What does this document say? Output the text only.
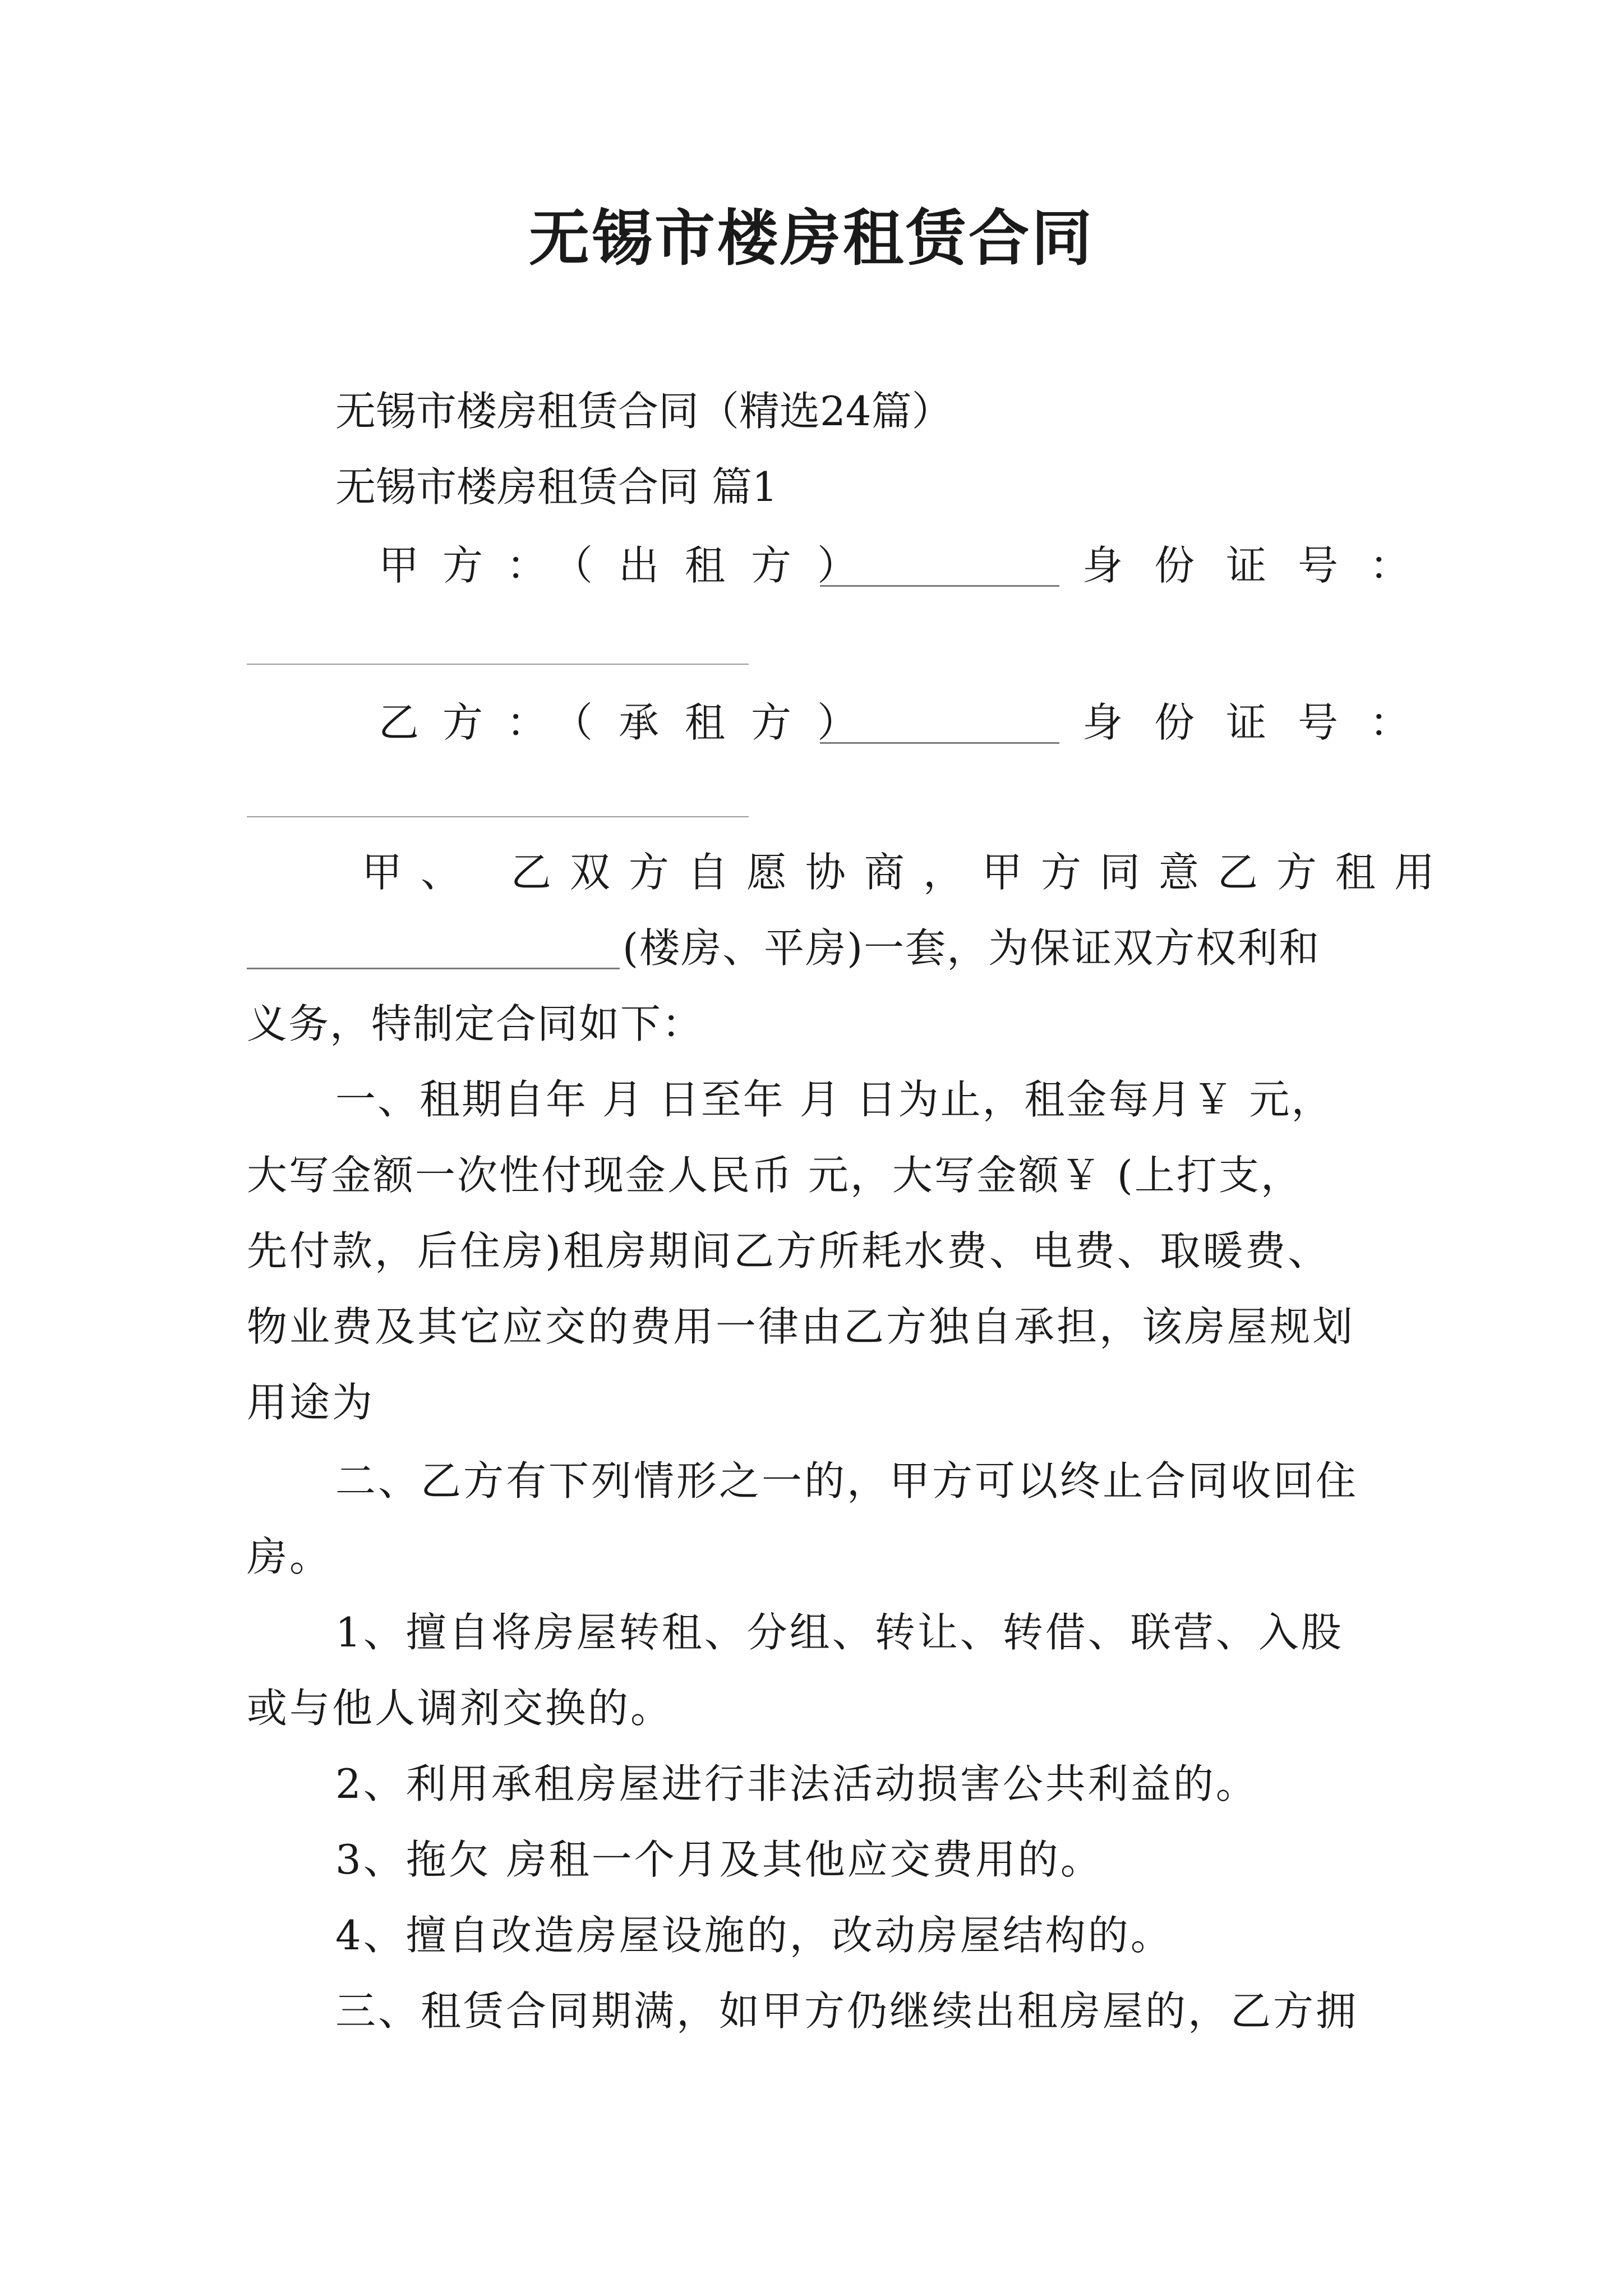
无锡市楼房租赁合同
无锡市楼房租赁合同（精选24篇）
无锡市楼房租赁合同 篇1
甲方：
（出租方）	身份证号：
乙方：
（承租方）	身份证号：
甲、 乙双方自愿协商，甲方同意乙方租用
(楼房、平房)一套，为保证双方权利和
义务，特制定合同如下：
一、租期自年 月 日至年 月 日为止，租金每月￥ 元，
大写金额一次性付现金人民币 元，大写金额￥ (上打支，
先付款，后住房)租房期间乙方所耗水费、电费、取暖费、
物业费及其它应交的费用一律由乙方独自承担，该房屋规划
用途为
二、乙方有下列情形之一的，甲方可以终止合同收回住
房。
1、擅自将房屋转租、分组、转让、转借、联营、入股
或与他人调剂交换的。
2、利用承租房屋进行非法活动损害公共利益的。
3、拖欠 房租一个月及其他应交费用的。
4、擅自改造房屋设施的，改动房屋结构的。
三、租赁合同期满，如甲方仍继续出租房屋的，乙方拥
